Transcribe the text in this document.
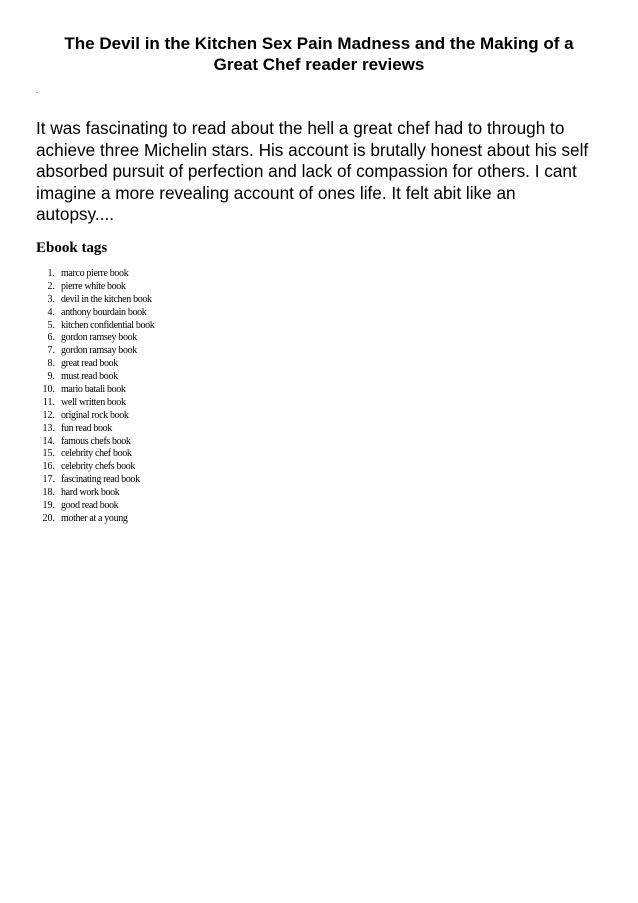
The Devil in the Kitchen Sex Pain Madness and the Making of a Great Chef reader reviews
.

It was fascinating to read about the hell a great chef had to through to achieve three Michelin stars. His account is brutally honest about his self absorbed pursuit of perfection and lack of compassion for others. I cant imagine a more revealing account of ones life. It felt abit like an autopsy....

Ebook tags
1. marco pierre book
2. pierre white book
3. devil in the kitchen book
4. anthony bourdain book
5. kitchen confidential book
6. gordon ramsey book
7. gordon ramsay book
8. great read book
9. must read book
10. mario batali book
11. well written book
12. original rock book
13. fun read book
14. famous chefs book
15. celebrity chef book
16. celebrity chefs book
17. fascinating read book
18. hard work book
19. good read book
20. mother at a young
